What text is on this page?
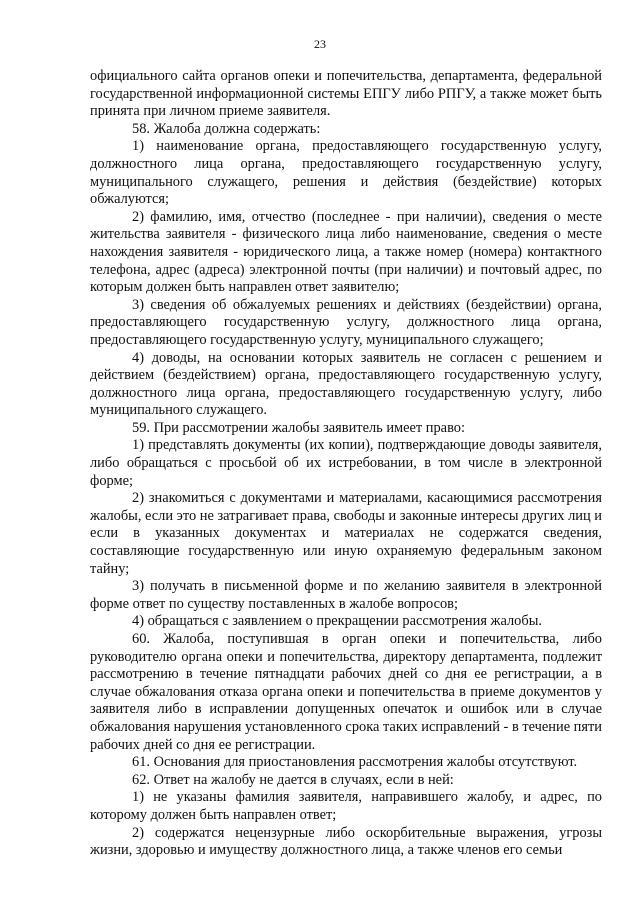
23

официального сайта органов опеки и попечительства, департамента, федеральной государственной информационной системы ЕПГУ либо РПГУ, а также может быть принята при личном приеме заявителя.

58. Жалоба должна содержать:

1) наименование органа, предоставляющего государственную услугу, должностного лица органа, предоставляющего государственную услугу, муниципального служащего, решения и действия (бездействие) которых обжалуются;

2) фамилию, имя, отчество (последнее - при наличии), сведения о месте жительства заявителя - физического лица либо наименование, сведения о месте нахождения заявителя - юридического лица, а также номер (номера) контактного телефона, адрес (адреса) электронной почты (при наличии) и почтовый адрес, по которым должен быть направлен ответ заявителю;

3) сведения об обжалуемых решениях и действиях (бездействии) органа, предоставляющего государственную услугу, должностного лица органа, предоставляющего государственную услугу, муниципального служащего;

4) доводы, на основании которых заявитель не согласен с решением и действием (бездействием) органа, предоставляющего государственную услугу, должностного лица органа, предоставляющего государственную услугу, либо муниципального служащего.

59. При рассмотрении жалобы заявитель имеет право:

1) представлять документы (их копии), подтверждающие доводы заявителя, либо обращаться с просьбой об их истребовании, в том числе в электронной форме;

2) знакомиться с документами и материалами, касающимися рассмотрения жалобы, если это не затрагивает права, свободы и законные интересы других лиц и если в указанных документах и материалах не содержатся сведения, составляющие государственную или иную охраняемую федеральным законом тайну;

3) получать в письменной форме и по желанию заявителя в электронной форме ответ по существу поставленных в жалобе вопросов;

4) обращаться с заявлением о прекращении рассмотрения жалобы.

60. Жалоба, поступившая в орган опеки и попечительства, либо руководителю органа опеки и попечительства, директору департамента, подлежит рассмотрению в течение пятнадцати рабочих дней со дня ее регистрации, а в случае обжалования отказа органа опеки и попечительства в приеме документов у заявителя либо в исправлении допущенных опечаток и ошибок или в случае обжалования нарушения установленного срока таких исправлений - в течение пяти рабочих дней со дня ее регистрации.

61. Основания для приостановления рассмотрения жалобы отсутствуют.

62. Ответ на жалобу не дается в случаях, если в ней:

1) не указаны фамилия заявителя, направившего жалобу, и адрес, по которому должен быть направлен ответ;

2) содержатся нецензурные либо оскорбительные выражения, угрозы жизни, здоровью и имуществу должностного лица, а также членов его семьи
